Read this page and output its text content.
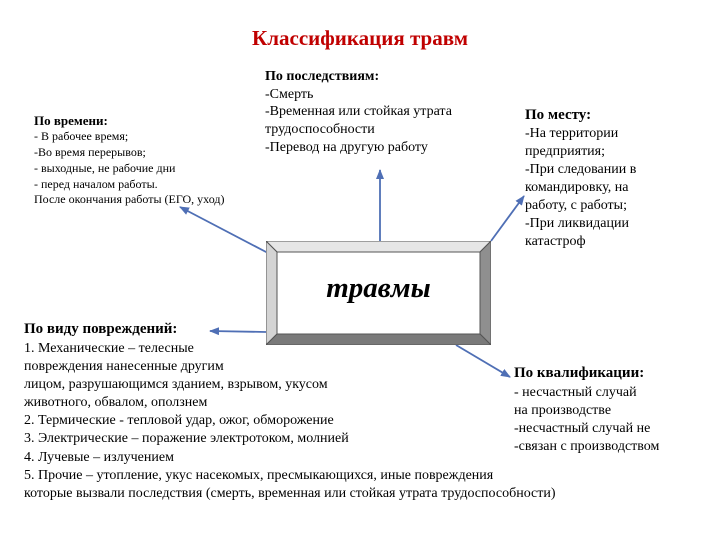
Классификация травм
травмы
По времени:
- В рабочее время;
-Во время перерывов;
- выходные, не рабочие дни
- перед началом работы.
После окончания работы (ЕГО, уход)
По последствиям:
-Смерть
-Временная или стойкая утрата
трудоспособности
-Перевод на другую работу
По месту:
-На территории
предприятия;
-При следовании в
командировку, на
работу, с работы;
-При ликвидации
катастроф
По виду повреждений:
1. Механические – телесные
повреждения нанесенные другим
лицом, разрушающимся зданием, взрывом, укусом
животного, обвалом, оползнем
2. Термические - тепловой удар, ожог, обморожение
3. Электрические – поражение электротоком, молнией
4. Лучевые – излучением
5. Прочие – утопление, укус насекомых, пресмыкающихся, иные повреждения
которые вызвали последствия (смерть, временная или стойкая утрата трудоспособности)
По квалификации:
- несчастный случай
на производстве
-несчастный случай не
-связан с производством
